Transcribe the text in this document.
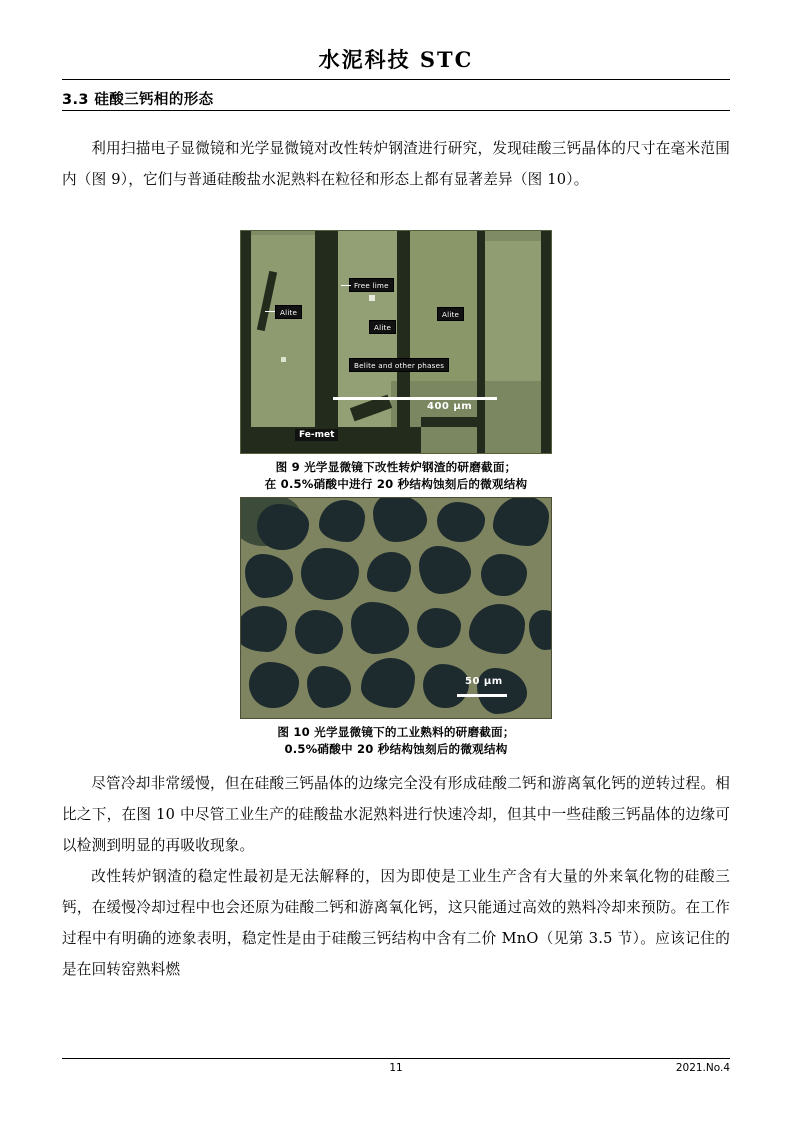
水泥科技 STC
3.3 硅酸三钙相的形态

利用扫描电子显微镜和光学显微镜对改性转炉钢渣进行研究，发现硅酸三钙晶体的尺寸在毫米范围内（图 9），它们与普通硅酸盐水泥熟料在粒径和形态上都有显著差异（图 10）。

Free lime
Alite
Alite
Alite
Belite and other phases
Fe-met
400 µm
图 9 光学显微镜下改性转炉钢渣的研磨截面；
在 0.5%硝酸中进行 20 秒结构蚀刻后的微观结构
50 µm
图 10 光学显微镜下的工业熟料的研磨截面；
0.5%硝酸中 20 秒结构蚀刻后的微观结构

尽管冷却非常缓慢，但在硅酸三钙晶体的边缘完全没有形成硅酸二钙和游离氧化钙的逆转过程。相比之下，在图 10 中尽管工业生产的硅酸盐水泥熟料进行快速冷却，但其中一些硅酸三钙晶体的边缘可以检测到明显的再吸收现象。

改性转炉钢渣的稳定性最初是无法解释的，因为即使是工业生产含有大量的外来氧化物的硅酸三钙，在缓慢冷却过程中也会还原为硅酸二钙和游离氧化钙，这只能通过高效的熟料冷却来预防。在工作过程中有明确的迹象表明，稳定性是由于硅酸三钙结构中含有二价 MnO（见第 3.5 节）。应该记住的是在回转窑熟料燃

11	2021.No.4
